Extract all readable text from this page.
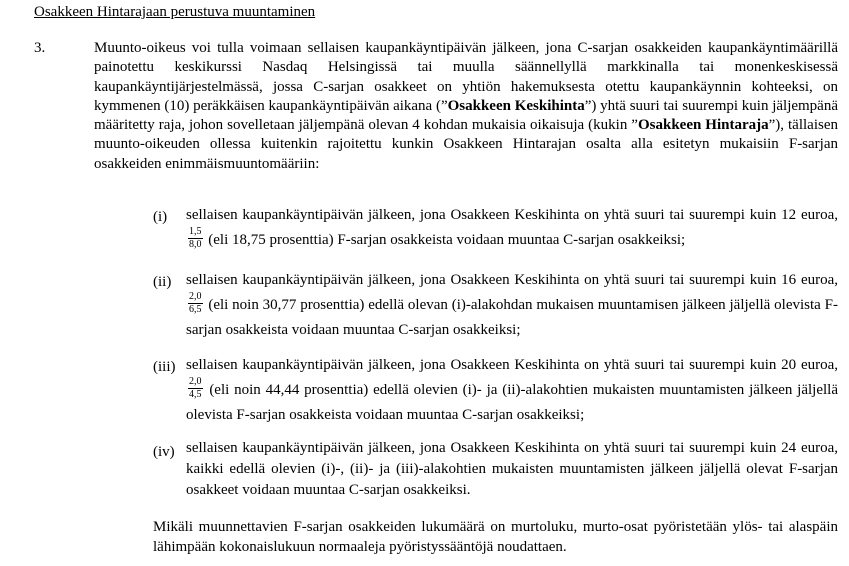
Osakkeen Hintarajaan perustuva muuntaminen
3.	Muunto-oikeus voi tulla voimaan sellaisen kaupankäyntipäivän jälkeen, jona C-sarjan osakkeiden kaupankäyntimäärillä painotettu keskikurssi Nasdaq Helsingissä tai muulla säännellyllä markkinalla tai monenkeskisessä kaupankäyntijärjestelmässä, jossa C-sarjan osakkeet on yhtiön hakemuksesta otettu kaupankäynnin kohteeksi, on kymmenen (10) peräkkäisen kaupankäyntipäivän aikana (”Osakkeen Keskihinta”) yhtä suuri tai suurempi kuin jäljempänä määritetty raja, johon sovelletaan jäljempänä olevan 4 kohdan mukaisia oikaisuja (kukin ”Osakkeen Hintaraja”), tällaisen muunto-oikeuden ollessa kuitenkin rajoitettu kunkin Osakkeen Hintarajan osalta alla esitetyn mukaisiin F-sarjan osakkeiden enimmäismuuntomääriin:
(i) sellaisen kaupankäyntipäivän jälkeen, jona Osakkeen Keskihinta on yhtä suuri tai suurempi kuin 12 euroa,
$\frac{1,5}{8,0} (eli$ 18,75 prosenttia) F-sarjan osakkeista voidaan muuntaa C-sarjan osakkeiksi;
(ii) sellaisen kaupankäyntipäivän jälkeen, jona Osakkeen Keskihinta on yhtä suuri tai suurempi kuin 16 euroa,
$\frac{2,0}{6,5} (eli$ noin 30,77 prosenttia) edellä olevan (i)-alakohdan mukaisen muuntamisen jälkeen jäljellä olevista F-sarjan osakkeista voidaan muuntaa C-sarjan osakkeiksi;
(iii) sellaisen kaupankäyntipäivän jälkeen, jona Osakkeen Keskihinta on yhtä suuri tai suurempi kuin 20 euroa,
$\frac{2,0}{4,5} (eli$ noin 44,44 prosenttia) edellä olevien (i)- ja (ii)-alakohtien mukaisten muuntamisten jälkeen jäljellä olevista F-sarjan osakkeista voidaan muuntaa C-sarjan osakkeiksi;
(iv) sellaisen kaupankäyntipäivän jälkeen, jona Osakkeen Keskihinta on yhtä suuri tai suurempi kuin 24 euroa, kaikki edellä olevien (i)-, (ii)- ja (iii)-alakohtien mukaisten muuntamisten jälkeen jäljellä olevat F-sarjan osakkeet voidaan muuntaa C-sarjan osakkeiksi.
Mikäli muunnettavien F-sarjan osakkeiden lukumäärä on murtoluku, murto-osat pyöristetään ylös- tai alaspäin lähimpään kokonaislukuun normaaleja pyöristyssääntöjä noudattaen.
